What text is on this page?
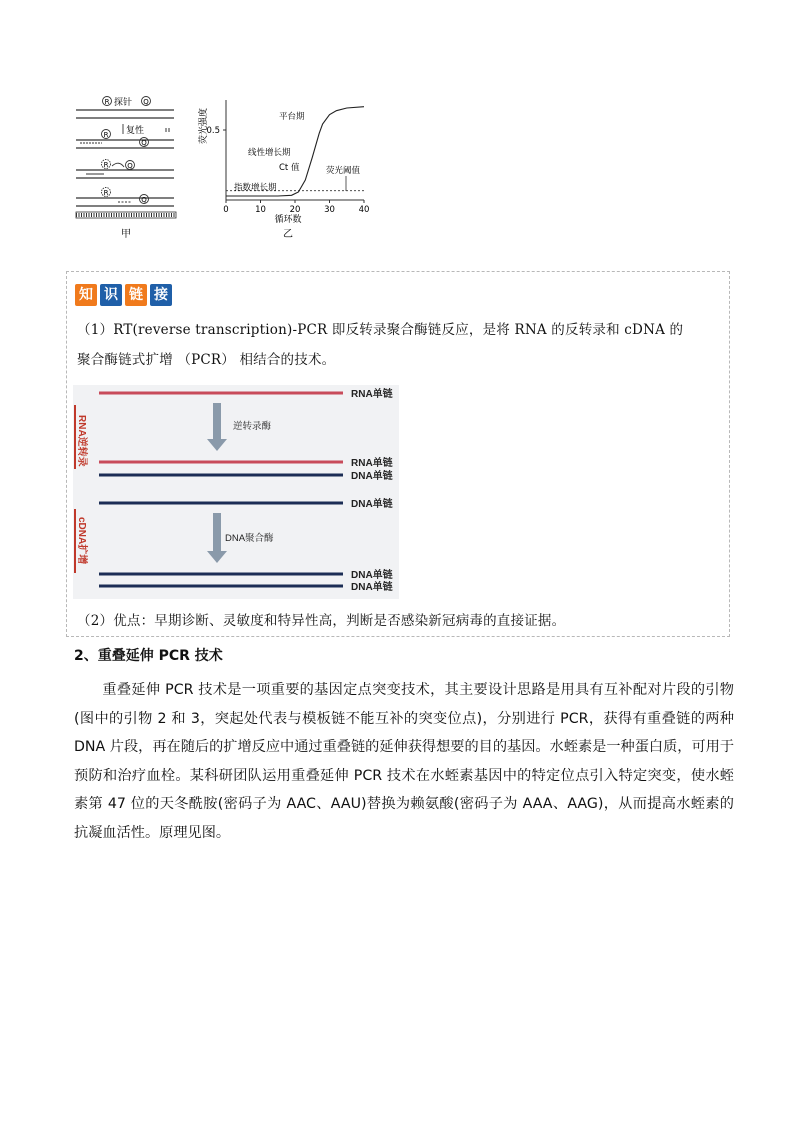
R 探针 Q
R 复性
Q
R	Q
R
Q
甲
荧光强度
0.5
0	10	20	30	40
平台期
线性增长期
Ct 值
指数增长期
荧光阈值
循环数
乙
知 识 链 接
（1）RT(reverse transcription)-PCR 即反转录聚合酶链反应，是将 RNA 的反转录和 cDNA 的
聚合酶链式扩增 （PCR） 相结合的技术。
RNA逆转录
cDNA扩增
逆转录酶
DNA聚合酶
RNA单链
RNA单链
DNA单链
DNA单链
DNA单链
DNA单链
（2）优点：早期诊断、灵敏度和特异性高，判断是否感染新冠病毒的直接证据。
2、重叠延伸 PCR 技术
重叠延伸 PCR 技术是一项重要的基因定点突变技术，其主要设计思路是用具有互补配对片段的引物(图中的引物 2 和 3，突起处代表与模板链不能互补的突变位点)，分别进行 PCR，获得有重叠链的两种 DNA 片段，再在随后的扩增反应中通过重叠链的延伸获得想要的目的基因。水蛭素是一种蛋白质，可用于预防和治疗血栓。某科研团队运用重叠延伸 PCR 技术在水蛭素基因中的特定位点引入特定突变，使水蛭素第 47 位的天冬酰胺(密码子为 AAC、AAU)替换为赖氨酸(密码子为 AAA、AAG)，从而提高水蛭素的抗凝血活性。原理见图。
